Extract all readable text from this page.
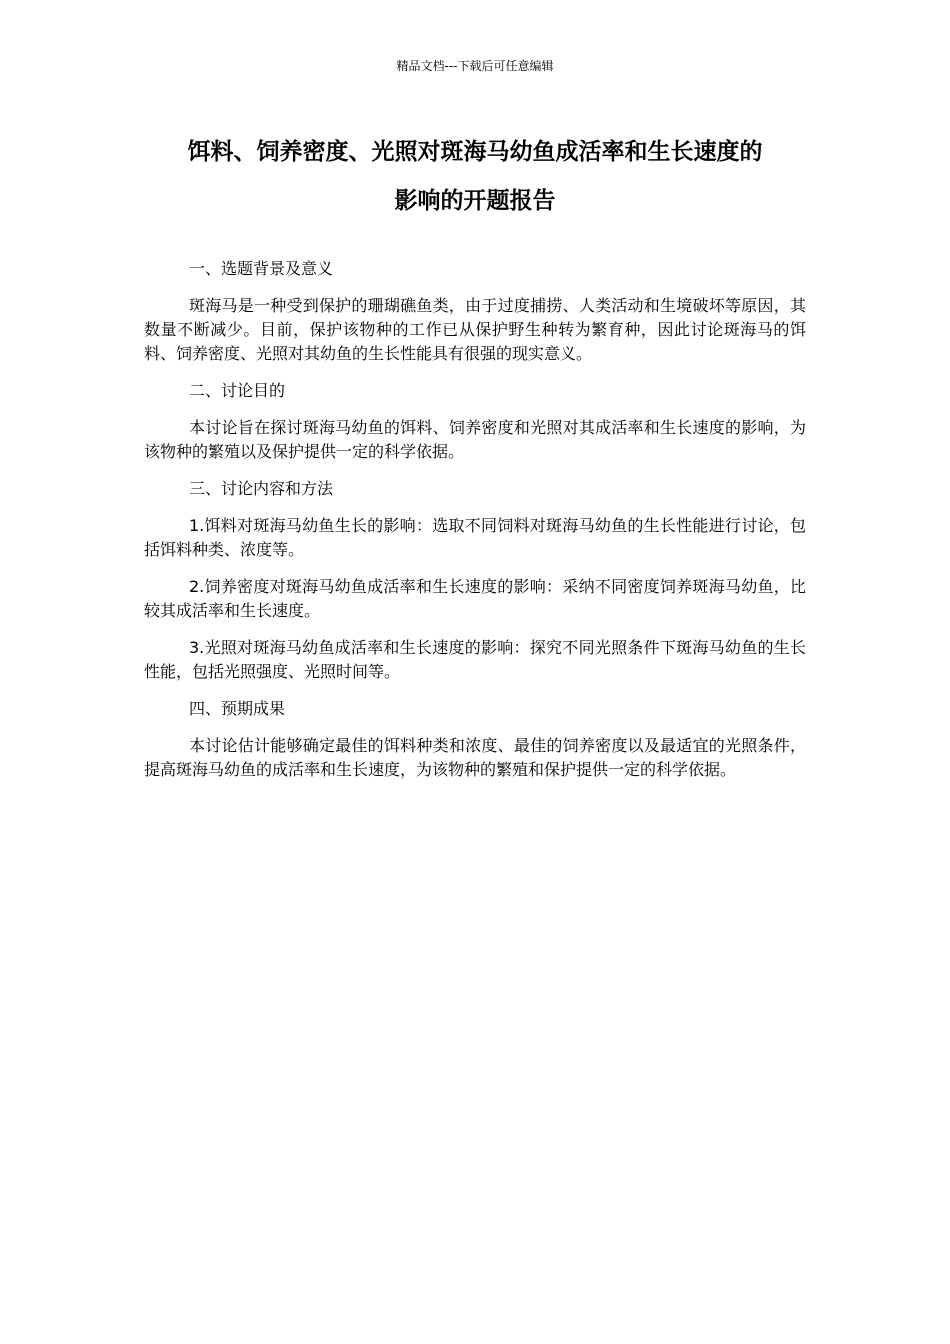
精品文档---下载后可任意编辑
饵料、饲养密度、光照对斑海马幼鱼成活率和生长速度的
影响的开题报告

一、选题背景及意义

斑海马是一种受到保护的珊瑚礁鱼类，由于过度捕捞、人类活动和生境破坏等原因，其数量不断减少。目前，保护该物种的工作已从保护野生种转为繁育种，因此讨论斑海马的饵料、饲养密度、光照对其幼鱼的生长性能具有很强的现实意义。

二、讨论目的

本讨论旨在探讨斑海马幼鱼的饵料、饲养密度和光照对其成活率和生长速度的影响，为该物种的繁殖以及保护提供一定的科学依据。

三、讨论内容和方法

1.饵料对斑海马幼鱼生长的影响：选取不同饲料对斑海马幼鱼的生长性能进行讨论，包括饵料种类、浓度等。

2.饲养密度对斑海马幼鱼成活率和生长速度的影响：采纳不同密度饲养斑海马幼鱼，比较其成活率和生长速度。

3.光照对斑海马幼鱼成活率和生长速度的影响：探究不同光照条件下斑海马幼鱼的生长性能，包括光照强度、光照时间等。

四、预期成果

本讨论估计能够确定最佳的饵料种类和浓度、最佳的饲养密度以及最适宜的光照条件，提高斑海马幼鱼的成活率和生长速度，为该物种的繁殖和保护提供一定的科学依据。
